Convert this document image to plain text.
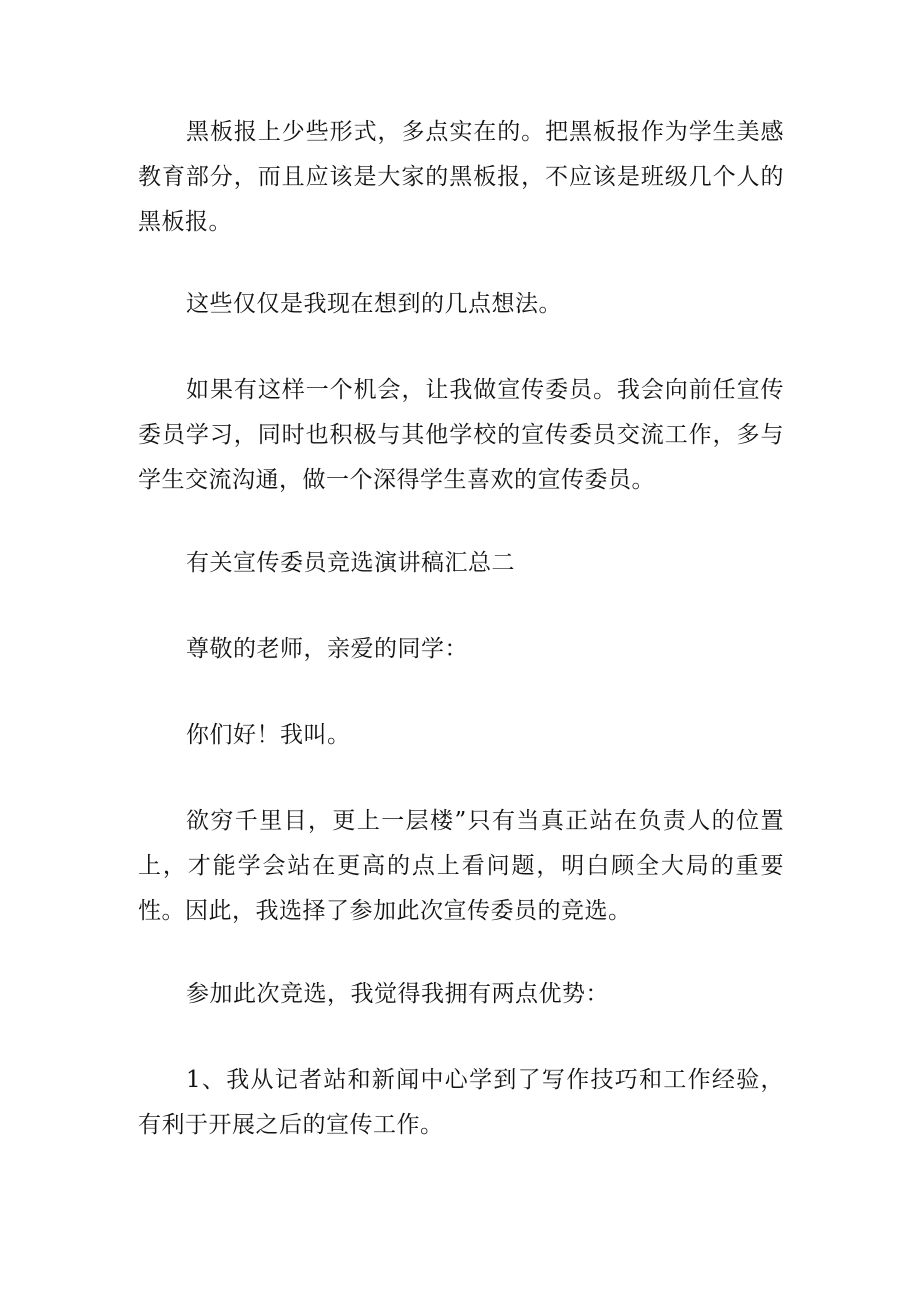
黑板报上少些形式，多点实在的。把黑板报作为学生美感教育部分，而且应该是大家的黑板报，不应该是班级几个人的黑板报。

这些仅仅是我现在想到的几点想法。

如果有这样一个机会，让我做宣传委员。我会向前任宣传委员学习，同时也积极与其他学校的宣传委员交流工作，多与学生交流沟通，做一个深得学生喜欢的宣传委员。

有关宣传委员竞选演讲稿汇总二

尊敬的老师，亲爱的同学：

你们好！我叫。

欲穷千里目，更上一层楼”只有当真正站在负责人的位置上，才能学会站在更高的点上看问题，明白顾全大局的重要性。因此，我选择了参加此次宣传委员的竞选。

参加此次竞选，我觉得我拥有两点优势：

1、我从记者站和新闻中心学到了写作技巧和工作经验，有利于开展之后的宣传工作。
